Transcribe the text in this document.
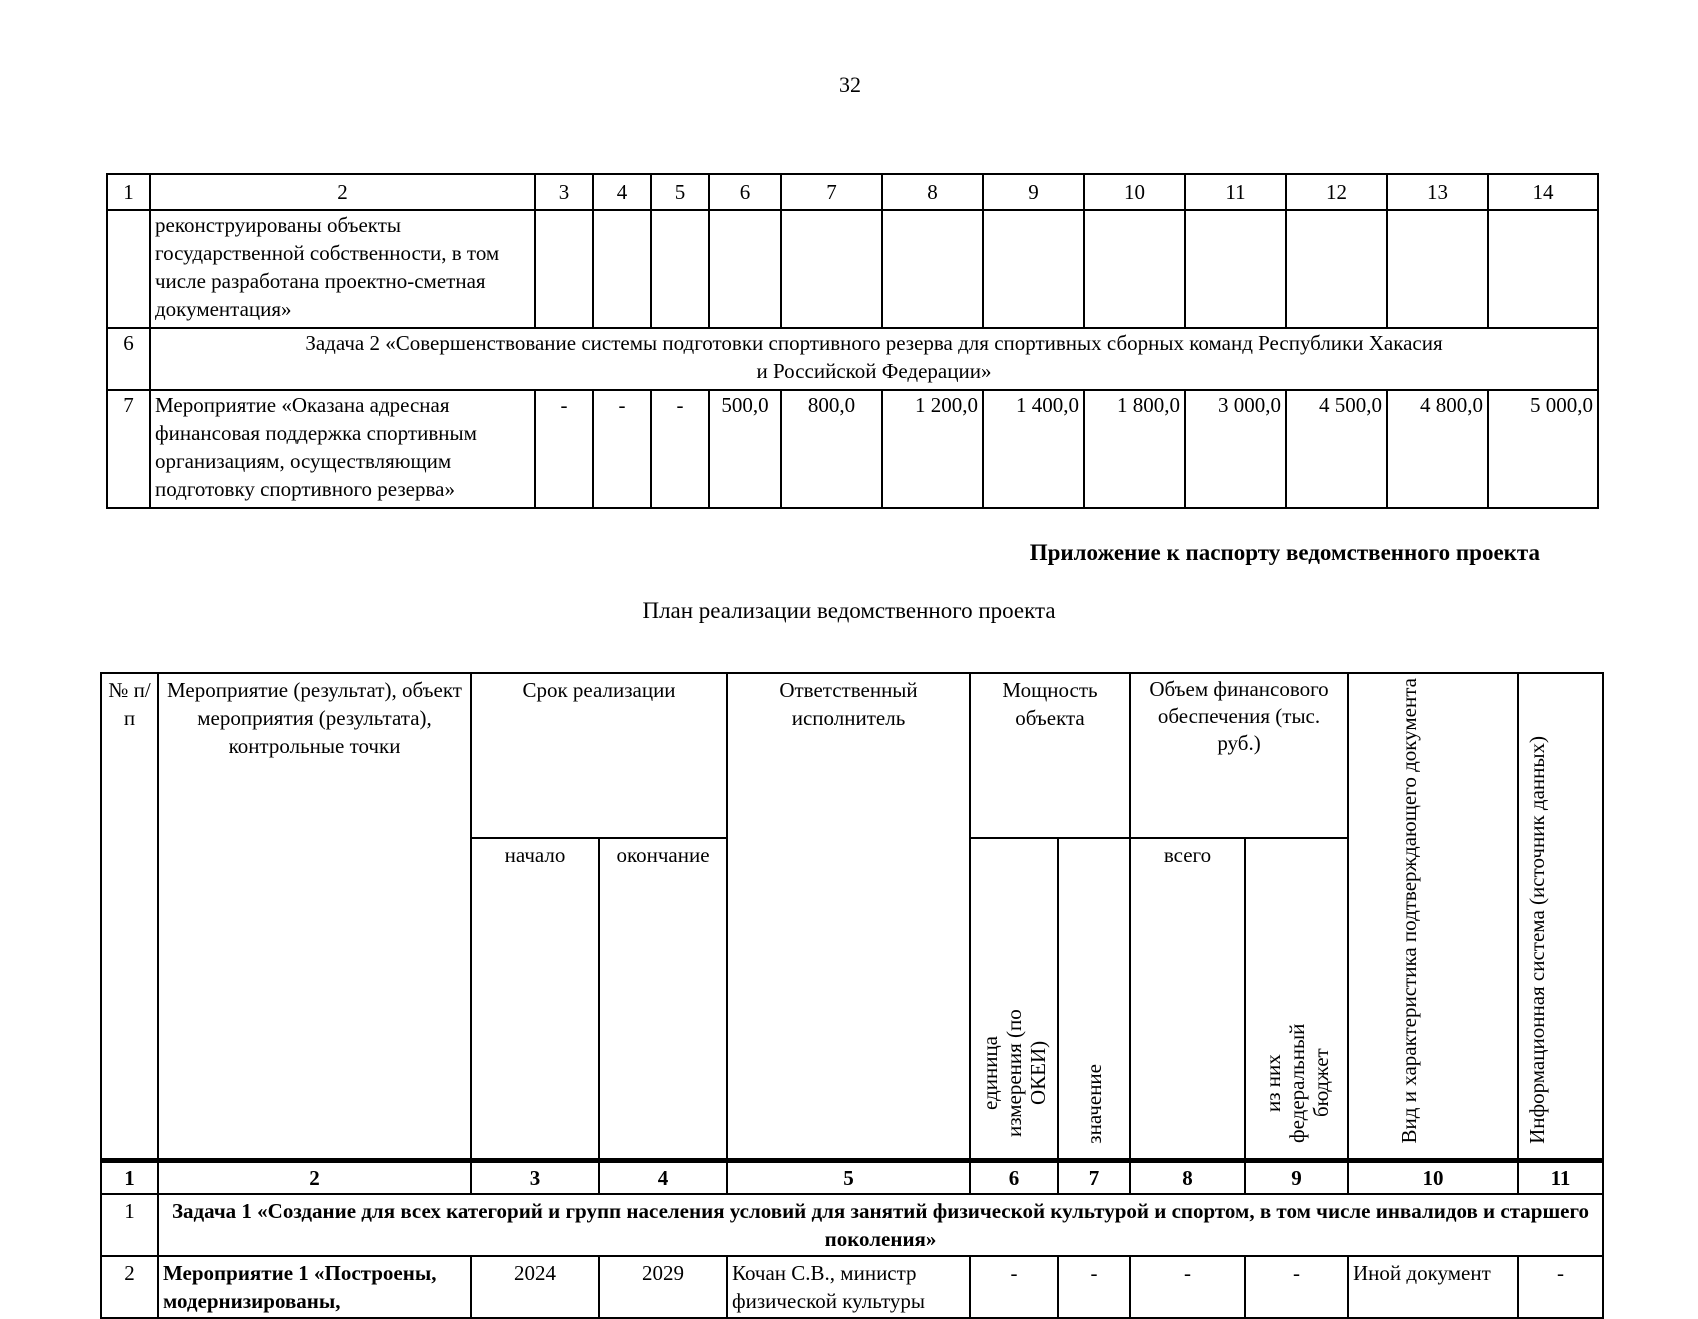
32
1	2	3	4	5	6	7	8	9	10	11	12	13	14
	реконструированы объекты государственной собственности, в том числе разработана проектно-сметная документация»												
6	Задача 2 «Совершенствование системы подготовки спортивного резерва для спортивных сборных команд Республики Хакасия и Российской Федерации»												
7	Мероприятие «Оказана адресная финансовая поддержка спортивным организациям, осуществляющим подготовку спортивного резерва»	-	-	-	500,0	800,0	1 200,0	1 400,0	1 800,0	3 000,0	4 500,0	4 800,0	5 000,0
Приложение к паспорту ведомственного проекта
План реализации ведомственного проекта
№ п/п	Мероприятие (результат), объект мероприятия (результата), контрольные точки	Срок реализации		Ответственный исполнитель	Мощность объекта		Объем финансового обеспечения (тыс. руб.)		Вид и характеристика подтверждающего документа	Информационная система (источник данных)
		начало	окончание		единица измерения (по ОКЕИ)	значение	всего	из них федеральный бюджет		
1	2	3	4	5	6	7	8	9	10	11
1	Задача 1 «Создание для всех категорий и групп населения условий для занятий физической культурой и спортом, в том числе инвалидов и старшего поколения»									
2	Мероприятие 1 «Построены, модернизированы,	2024	2029	Кочан С.В., министр физической культуры	-	-	-	-	Иной документ	-
